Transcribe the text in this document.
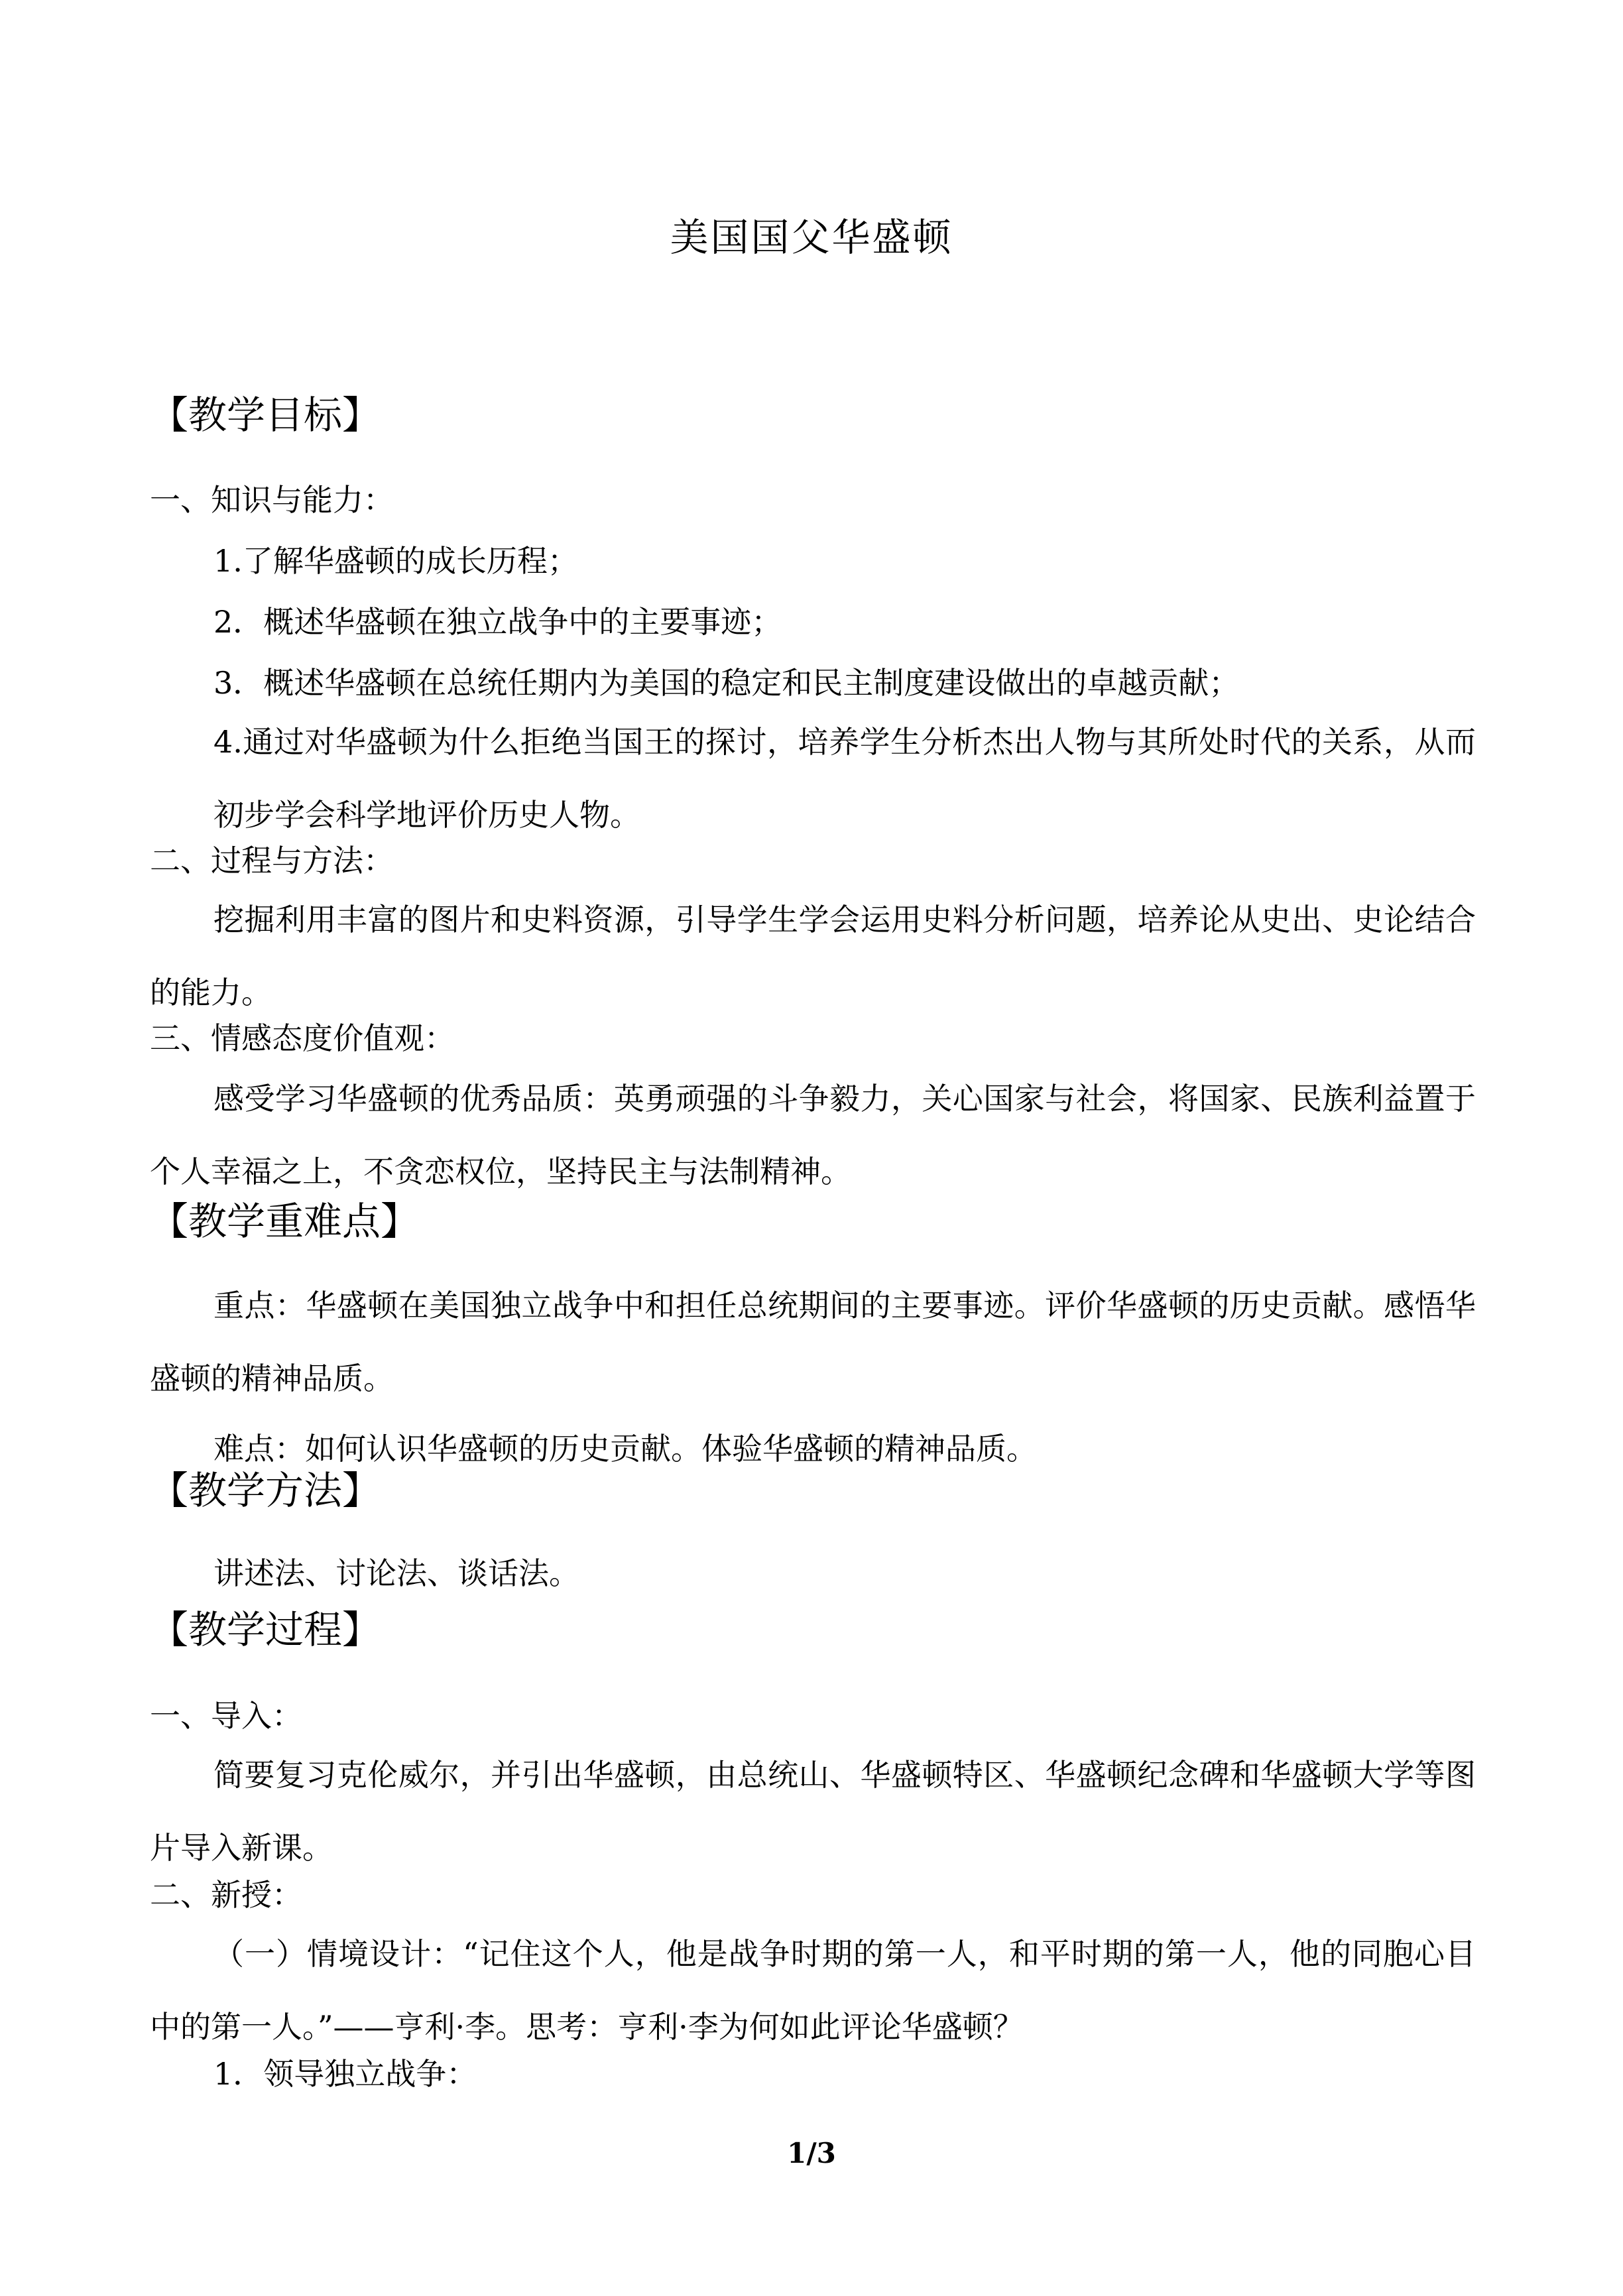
美国国父华盛顿
【教学目标】
一、知识与能力：
1.了解华盛顿的成长历程；
2．概述华盛顿在独立战争中的主要事迹；
3．概述华盛顿在总统任期内为美国的稳定和民主制度建设做出的卓越贡献；

4.通过对华盛顿为什么拒绝当国王的探讨，培养学生分析杰出人物与其所处时代的关系，从而初步学会科学地评价历史人物。

二、过程与方法：

挖掘利用丰富的图片和史料资源，引导学生学会运用史料分析问题，培养论从史出、史论结合的能力。

三、情感态度价值观：

感受学习华盛顿的优秀品质：英勇顽强的斗争毅力，关心国家与社会，将国家、民族利益置于个人幸福之上，不贪恋权位，坚持民主与法制精神。

【教学重难点】

重点：华盛顿在美国独立战争中和担任总统期间的主要事迹。评价华盛顿的历史贡献。感悟华盛顿的精神品质。

难点：如何认识华盛顿的历史贡献。体验华盛顿的精神品质。

【教学方法】

讲述法、讨论法、谈话法。

【教学过程】
一、导入：

简要复习克伦威尔，并引出华盛顿，由总统山、华盛顿特区、华盛顿纪念碑和华盛顿大学等图片导入新课。

二、新授：

（一）情境设计：“记住这个人，他是战争时期的第一人，和平时期的第一人，他的同胞心目中的第一人。”——亨利·李。思考：亨利·李为何如此评论华盛顿？

1．领导独立战争：
1/3
